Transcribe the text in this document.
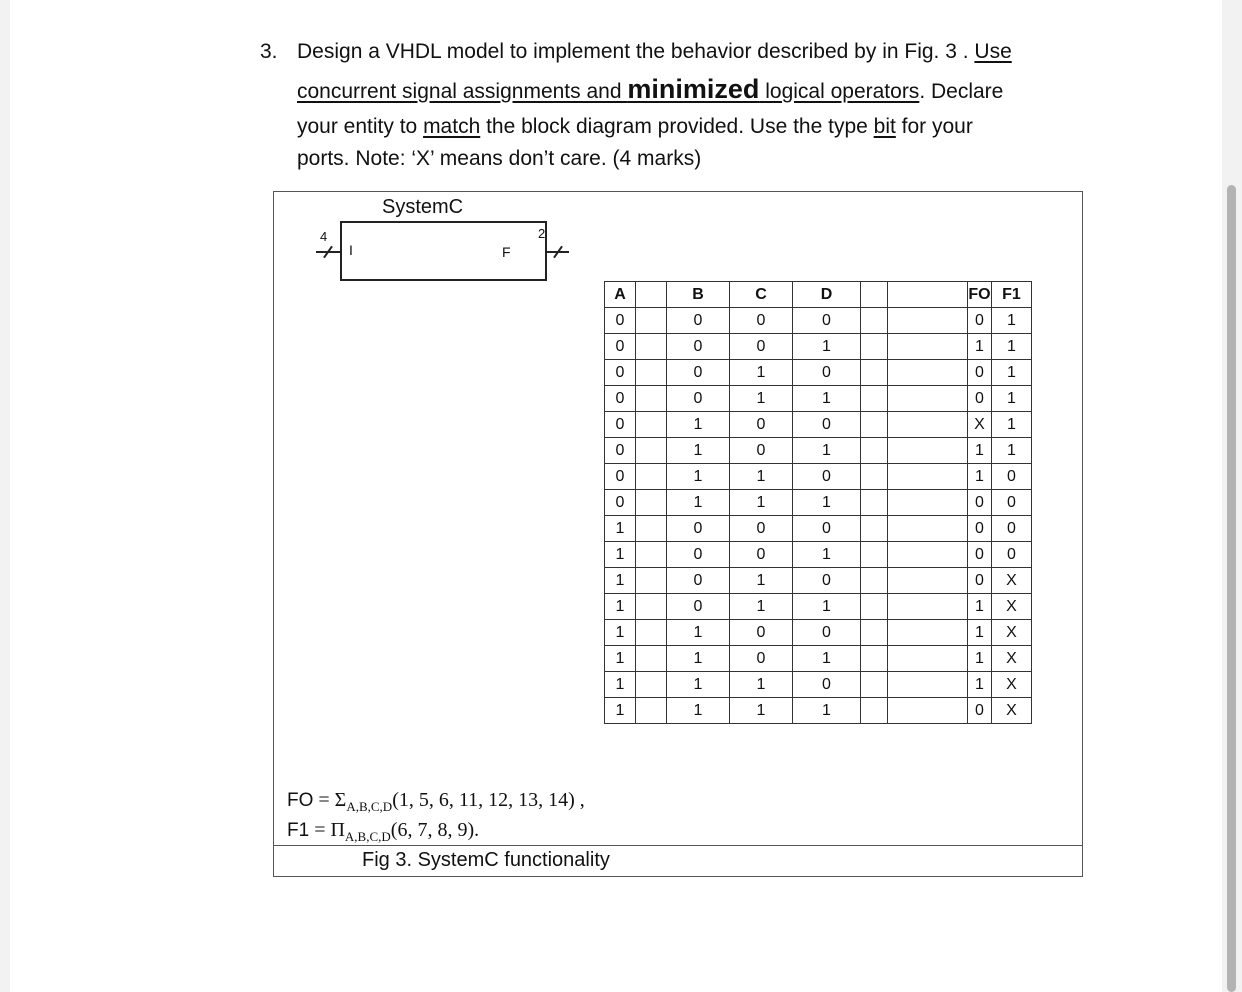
3. Design a VHDL model to implement the behavior described by in Fig. 3 . Use
concurrent signal assignments and minimized logical operators. Declare
your entity to match the block diagram provided. Use the type bit for your
ports. Note: ‘X’ means don’t care. (4 marks)
SystemC
I	F
4	2
A		B	C	D			FO	F1
0		0	0	0			0	1
0		0	0	1			1	1
0		0	1	0			0	1
0		0	1	1			0	1
0		1	0	0			X	1
0		1	0	1			1	1
0		1	1	0			1	0
0		1	1	1			0	0
1		0	0	0			0	0
1		0	0	1			0	0
1		0	1	0			0	X
1		0	1	1			1	X
1		1	0	0			1	X
1		1	0	1			1	X
1		1	1	0			1	X
1		1	1	1			0	X
FO = $\Sigma_{A,B,C,D}(1$, 5, 6, 11, 12, 13, 14) ,
$F1 = \Pi_{A,B,C,D}(6$, 7, 8, 9).
Fig 3. SystemC functionality
